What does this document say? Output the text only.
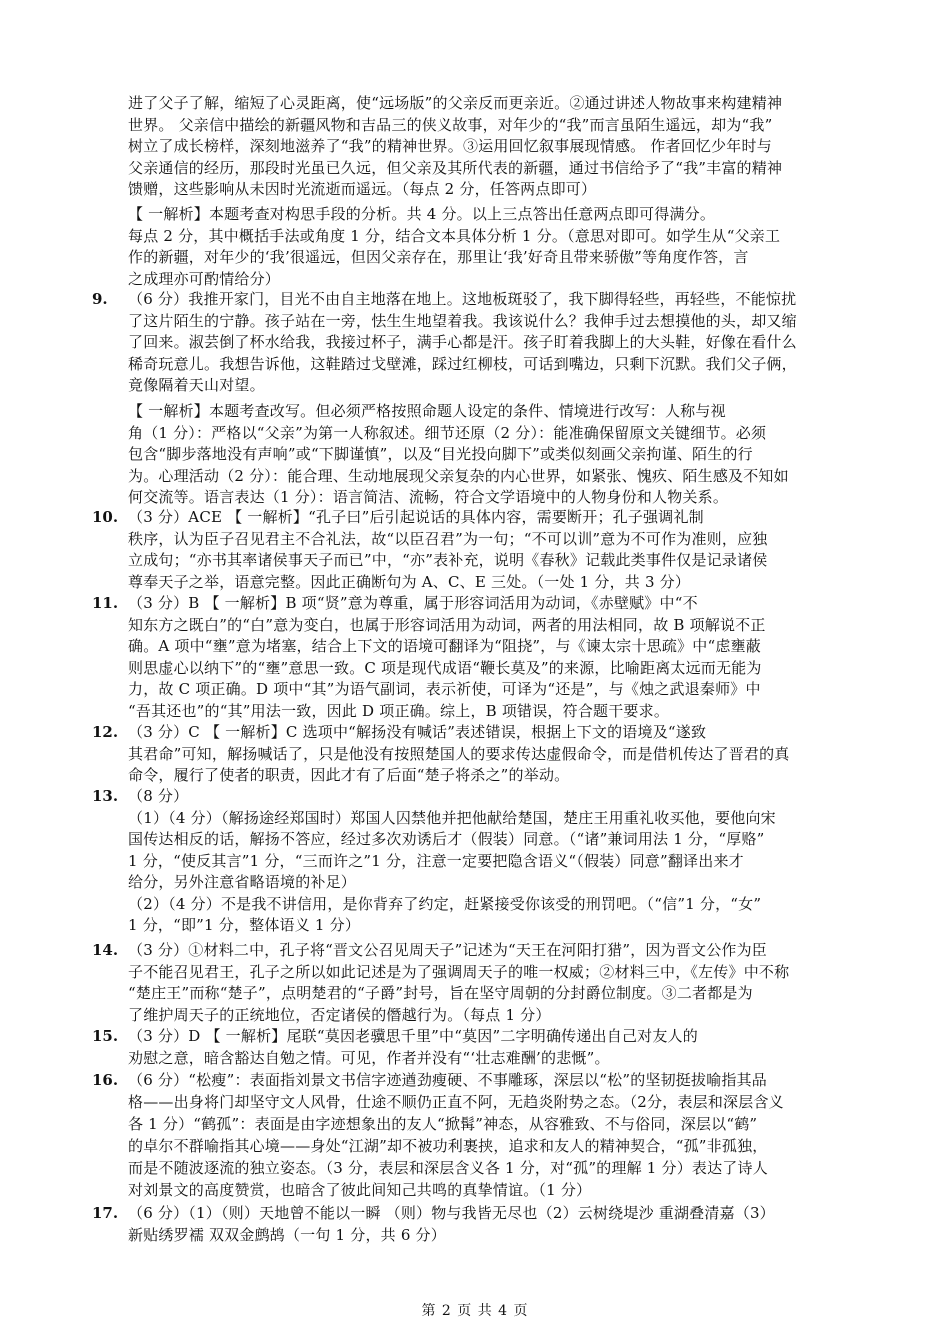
进了父子了解，缩短了心灵距离，使“远场版”的父亲反而更亲近。②通过讲述人物故事来构建精神
世界。 父亲信中描绘的新疆风物和吉品三的侠义故事，对年少的“我”而言虽陌生遥远，却为“我”
树立了成长榜样，深刻地滋养了“我”的精神世界。③运用回忆叙事展现情感。 作者回忆少年时与
父亲通信的经历，那段时光虽已久远，但父亲及其所代表的新疆，通过书信给予了“我”丰富的精神
馈赠，这些影响从未因时光流逝而遥远。（每点 2 分，任答两点即可）
【 一解析】本题考查对构思手段的分析。共 4 分。以上三点答出任意两点即可得满分。
每点 2 分，其中概括手法或角度 1 分，结合文本具体分析 1 分。（意思对即可。如学生从“父亲工
作的新疆，对年少的‘我’很遥远，但因父亲存在，那里让‘我’好奇且带来骄傲”等角度作答，言
之成理亦可酌情给分）
9. （6 分）我推开家门，目光不由自主地落在地上。这地板斑驳了，我下脚得轻些，再轻些，不能惊扰
了这片陌生的宁静。孩子站在一旁，怯生生地望着我。我该说什么？我伸手过去想摸他的头，却又缩
了回来。淑芸倒了杯水给我，我接过杯子，满手心都是汗。孩子盯着我脚上的大头鞋，好像在看什么
稀奇玩意儿。我想告诉他，这鞋踏过戈壁滩，踩过红柳枝，可话到嘴边，只剩下沉默。我们父子俩，
竟像隔着天山对望。
【 一解析】本题考查改写。但必须严格按照命题人设定的条件、情境进行改写：人称与视
角（1 分）：严格以“父亲”为第一人称叙述。细节还原（2 分）：能准确保留原文关键细节。必须
包含“脚步落地没有声响”或“下脚谨慎”，以及“目光投向脚下”或类似刻画父亲拘谨、陌生的行
为。心理活动（2 分）：能合理、生动地展现父亲复杂的内心世界，如紧张、愧疚、陌生感及不知如
何交流等。语言表达（1 分）：语言简洁、流畅，符合文学语境中的人物身份和人物关系。
10. （3 分）ACE 【 一解析】“孔子曰”后引起说话的具体内容，需要断开；孔子强调礼制
秩序，认为臣子召见君主不合礼法，故“以臣召君”为一句；“不可以训”意为不可作为准则，应独
立成句；“亦书其率诸侯事天子而已”中，“亦”表补充，说明《春秋》记载此类事件仅是记录诸侯
尊奉天子之举，语意完整。因此正确断句为 A、C、E 三处。（一处 1 分，共 3 分）
11. （3 分）B 【 一解析】B 项“贤”意为尊重，属于形容词活用为动词，《赤壁赋》中“不
知东方之既白”的“白”意为变白，也属于形容词活用为动词，两者的用法相同，故 B 项解说不正
确。A 项中“壅”意为堵塞，结合上下文的语境可翻译为“阻挠”，与《谏太宗十思疏》中“虑壅蔽
则思虚心以纳下”的“壅”意思一致。C 项是现代成语“鞭长莫及”的来源，比喻距离太远而无能为
力，故 C 项正确。D 项中“其”为语气副词，表示祈使，可译为“还是”，与《烛之武退秦师》中
“吾其还也”的“其”用法一致，因此 D 项正确。综上，B 项错误，符合题干要求。
12. （3 分）C 【 一解析】C 选项中“解扬没有喊话”表述错误，根据上下文的语境及“遂致
其君命”可知，解扬喊话了，只是他没有按照楚国人的要求传达虚假命令，而是借机传达了晋君的真
命令，履行了使者的职责，因此才有了后面“楚子将杀之”的举动。
13. （8 分）
（1）（4 分）（解扬途经郑国时）郑国人囚禁他并把他献给楚国，楚庄王用重礼收买他，要他向宋
国传达相反的话，解扬不答应，经过多次劝诱后才（假装）同意。（“诸”兼词用法 1 分，“厚赂”
1 分，“使反其言”1 分，“三而许之”1 分，注意一定要把隐含语义“（假装）同意”翻译出来才
给分，另外注意省略语境的补足）
（2）（4 分）不是我不讲信用，是你背弃了约定，赶紧接受你该受的刑罚吧。（“信”1 分，“女”
1 分，“即”1 分，整体语义 1 分）
14. （3 分）①材料二中，孔子将“晋文公召见周天子”记述为“天王在河阳打猎”，因为晋文公作为臣
子不能召见君王，孔子之所以如此记述是为了强调周天子的唯一权威；②材料三中，《左传》中不称
“楚庄王”而称“楚子”，点明楚君的“子爵”封号，旨在坚守周朝的分封爵位制度。③二者都是为
了维护周天子的正统地位，否定诸侯的僭越行为。（每点 1 分）
15. （3 分）D 【 一解析】尾联“莫因老骥思千里”中“莫因”二字明确传递出自己对友人的
劝慰之意，暗含豁达自勉之情。可见，作者并没有“‘壮志难酬’的悲慨”。
16. （6 分）“松瘦”：表面指刘景文书信字迹遒劲瘦硬、不事雕琢，深层以“松”的坚韧挺拔喻指其品
格——出身将门却坚守文人风骨，仕途不顺仍正直不阿，无趋炎附势之态。（2分，表层和深层含义
各 1 分）“鹤孤”：表面是由字迹想象出的友人“掀髯”神态，从容雅致、不与俗同，深层以“鹤”
的卓尔不群喻指其心境——身处“江湖”却不被功利裹挟，追求和友人的精神契合，“孤”非孤独，
而是不随波逐流的独立姿态。（3 分，表层和深层含义各 1 分，对“孤”的理解 1 分）表达了诗人
对刘景文的高度赞赏，也暗含了彼此间知己共鸣的真挚情谊。（1 分）
17. （6 分）（1）（则）天地曾不能以一瞬 （则）物与我皆无尽也（2）云树绕堤沙 重湖叠清嘉（3）
新贴绣罗襦 双双金鹧鸪（一句 1 分，共 6 分）
第 2 页 共 4 页
